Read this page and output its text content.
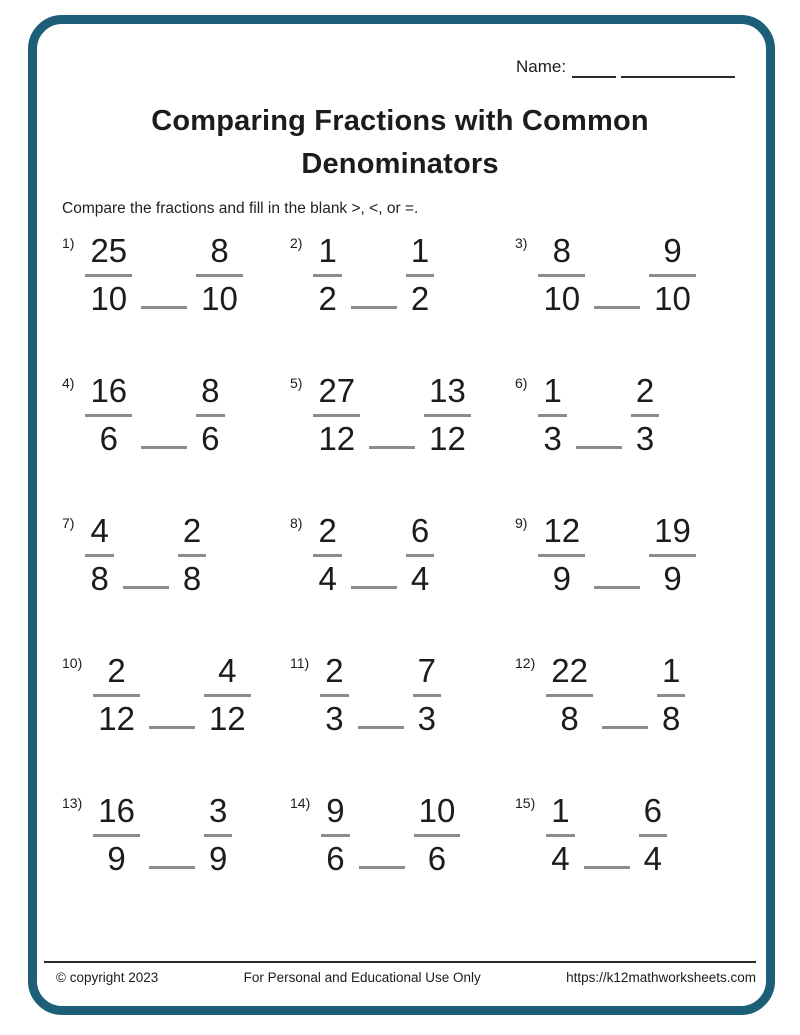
Name:
Comparing Fractions with Common
Denominators
Compare the fractions and fill in the blank >, <, or =.
$1) \frac{25}{10} \frac{8}{10}$	$2) \frac{1}{2} \frac{1}{2}$	$3) \frac{8}{10} \frac{9}{10}$
$4) \frac{16}{6} \frac{8}{6}$	$5) \frac{27}{12} \frac{13}{12}$	$6) \frac{1}{3} \frac{2}{3}$
$7) \frac{4}{8} \frac{2}{8}$	$8) \frac{2}{4} \frac{6}{4}$	$9) \frac{12}{9} \frac{19}{9}$
$10) \frac{2}{12} \frac{4}{12}$	$11) \frac{2}{3} \frac{7}{3}$	$12) \frac{22}{8} \frac{1}{8}$
$13) \frac{16}{9} \frac{3}{9}$	$14) \frac{9}{6} \frac{10}{6}$	$15) \frac{1}{4} \frac{6}{4}$
© copyright 2023	For Personal and Educational Use Only	https://k12mathworksheets.com
